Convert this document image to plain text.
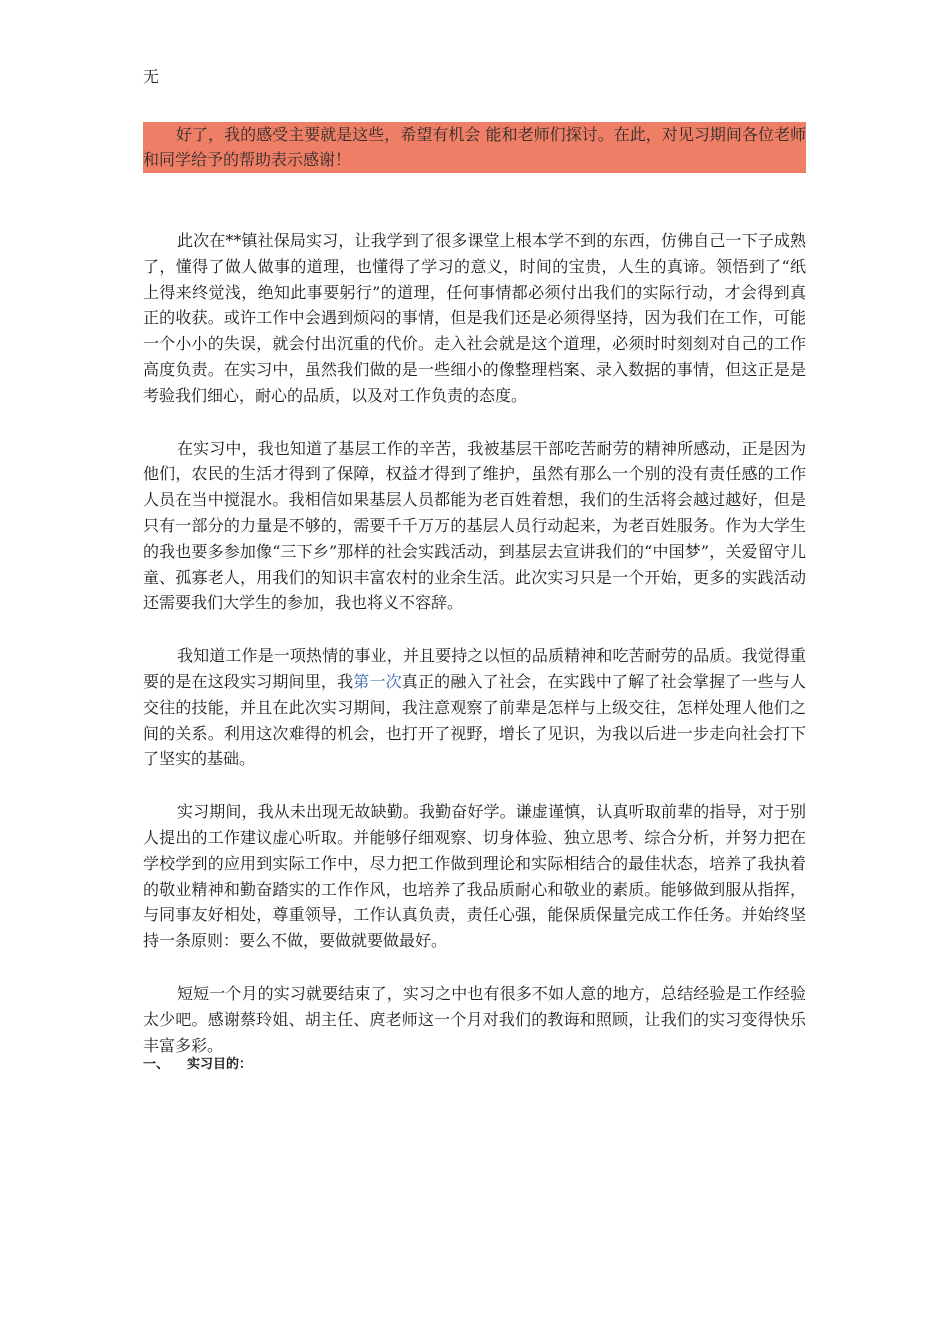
无
好了，我的感受主要就是这些，希望有机会 能和老师们探讨。在此，对见习期间各位老师和同学给予的帮助表示感谢！

此次在**镇社保局实习，让我学到了很多课堂上根本学不到的东西，仿佛自己一下子成熟了，懂得了做人做事的道理，也懂得了学习的意义，时间的宝贵，人生的真谛。领悟到了“纸上得来终觉浅，绝知此事要躬行”的道理，任何事情都必须付出我们的实际行动，才会得到真正的收获。或许工作中会遇到烦闷的事情，但是我们还是必须得坚持，因为我们在工作，可能一个小小的失误，就会付出沉重的代价。走入社会就是这个道理，必须时时刻刻对自己的工作高度负责。在实习中，虽然我们做的是一些细小的像整理档案、录入数据的事情，但这正是是考验我们细心，耐心的品质，以及对工作负责的态度。

在实习中，我也知道了基层工作的辛苦，我被基层干部吃苦耐劳的精神所感动，正是因为他们，农民的生活才得到了保障，权益才得到了维护，虽然有那么一个别的没有责任感的工作人员在当中搅混水。我相信如果基层人员都能为老百姓着想，我们的生活将会越过越好，但是只有一部分的力量是不够的，需要千千万万的基层人员行动起来，为老百姓服务。作为大学生的我也要多参加像“三下乡”那样的社会实践活动，到基层去宣讲我们的“中国梦”，关爱留守儿童、孤寡老人，用我们的知识丰富农村的业余生活。此次实习只是一个开始，更多的实践活动还需要我们大学生的参加，我也将义不容辞。

我知道工作是一项热情的事业，并且要持之以恒的品质精神和吃苦耐劳的品质。我觉得重要的是在这段实习期间里，我第一次真正的融入了社会，在实践中了解了社会掌握了一些与人交往的技能，并且在此次实习期间，我注意观察了前辈是怎样与上级交往，怎样处理人他们之间的关系。利用这次难得的机会，也打开了视野，增长了见识，为我以后进一步走向社会打下了坚实的基础。

实习期间，我从未出现无故缺勤。我勤奋好学。谦虚谨慎，认真听取前辈的指导，对于别人提出的工作建议虚心听取。并能够仔细观察、切身体验、独立思考、综合分析，并努力把在学校学到的应用到实际工作中，尽力把工作做到理论和实际相结合的最佳状态，培养了我执着的敬业精神和勤奋踏实的工作作风，也培养了我品质耐心和敬业的素质。能够做到服从指挥，与同事友好相处，尊重领导，工作认真负责，责任心强，能保质保量完成工作任务。并始终坚持一条原则：要么不做，要做就要做最好。

短短一个月的实习就要结束了，实习之中也有很多不如人意的地方，总结经验是工作经验太少吧。感谢蔡玲姐、胡主任、庹老师这一个月对我们的教诲和照顾，让我们的实习变得快乐丰富多彩。

一、 实习目的：
